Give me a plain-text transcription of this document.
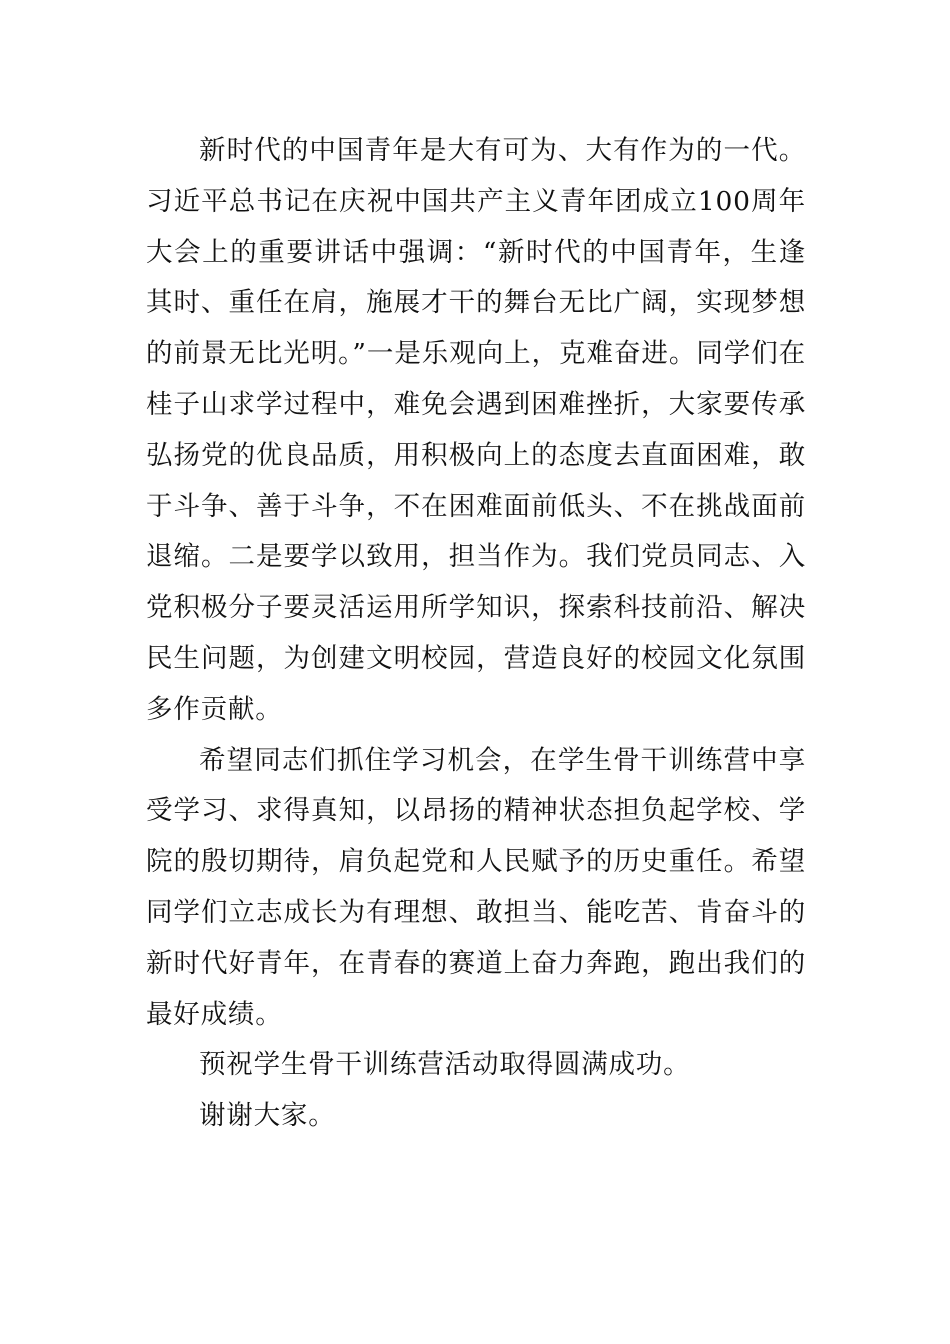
新时代的中国青年是大有可为、大有作为的一代。习近平总书记在庆祝中国共产主义青年团成立100周年大会上的重要讲话中强调：“新时代的中国青年，生逢其时、重任在肩，施展才干的舞台无比广阔，实现梦想的前景无比光明。”一是乐观向上，克难奋进。同学们在桂子山求学过程中，难免会遇到困难挫折，大家要传承弘扬党的优良品质，用积极向上的态度去直面困难，敢于斗争、善于斗争，不在困难面前低头、不在挑战面前退缩。二是要学以致用，担当作为。我们党员同志、入党积极分子要灵活运用所学知识，探索科技前沿、解决民生问题，为创建文明校园，营造良好的校园文化氛围多作贡献。

希望同志们抓住学习机会，在学生骨干训练营中享受学习、求得真知，以昂扬的精神状态担负起学校、学院的殷切期待，肩负起党和人民赋予的历史重任。希望同学们立志成长为有理想、敢担当、能吃苦、肯奋斗的新时代好青年，在青春的赛道上奋力奔跑，跑出我们的最好成绩。

预祝学生骨干训练营活动取得圆满成功。

谢谢大家。
